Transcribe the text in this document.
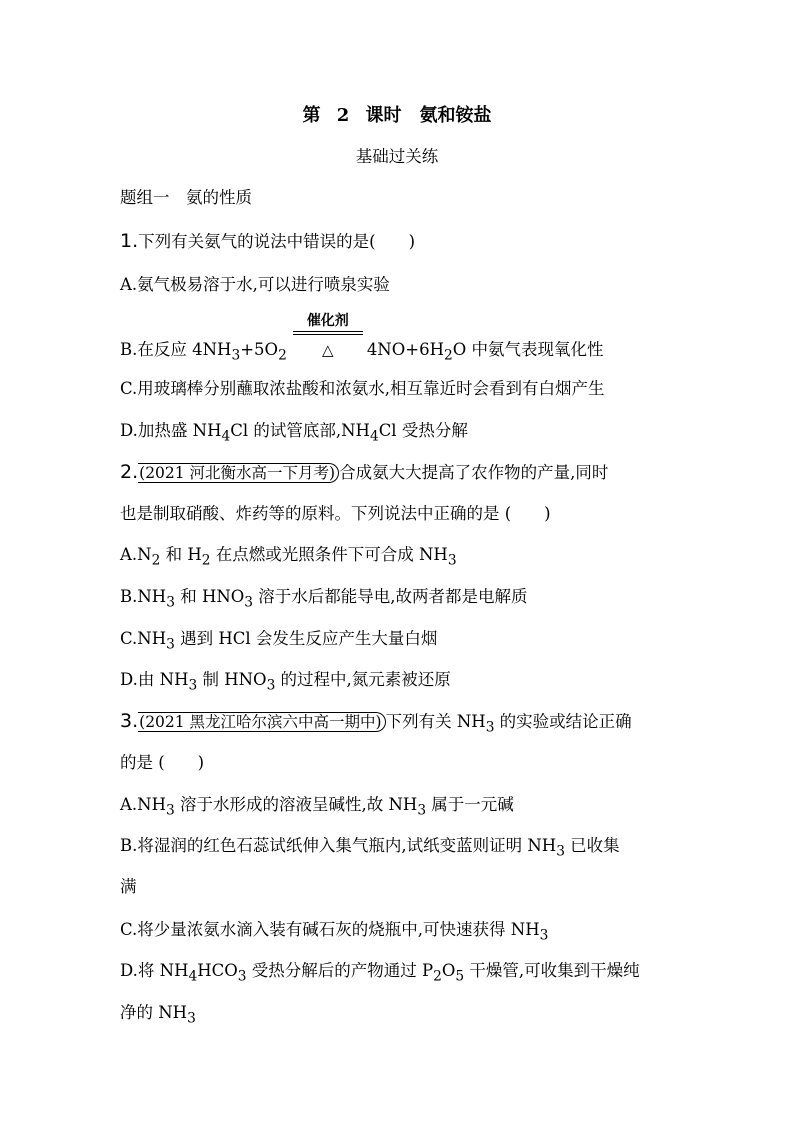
第 2 课时　氨和铵盐

基础过关练

题组一　氨的性质

1.下列有关氨气的说法中错误的是(　　)

A.氨气极易溶于水,可以进行喷泉实验

B.在反应 $4NH_3+5O_2$
催化剂
△	$4NO+6H_2O$ 中氨气表现氧化性

C.用玻璃棒分别蘸取浓盐酸和浓氨水,相互靠近时会看到有白烟产生

D.加热盛 $NH_4Cl$ 的试管底部$,NH_4Cl$ 受热分解

2.(2021 河北衡水高一下月考) 合成氨大大提高了农作物的产量,同时

也是制取硝酸、炸药等的原料。下列说法中正确的是 (　　)

$A.N_2$ 和 $H_2$ 在点燃或光照条件下可合成 $NH_3$

$B.NH_3$ 和 $HNO_3$ 溶于水后都能导电,故两者都是电解质

$C.NH_3$ 遇到 HCl 会发生反应产生大量白烟

D.由 $NH_3$ 制 $HNO_3$ 的过程中,氮元素被还原

3.(2021 黑龙江哈尔滨六中高一期中) 下列有关 $NH_3$ 的实验或结论正确

的是 (　　)

$A.NH_3$ 溶于水形成的溶液呈碱性,故 $NH_3$ 属于一元碱

B.将湿润的红色石蕊试纸伸入集气瓶内,试纸变蓝则证明 $NH_3$ 已收集

满

C.将少量浓氨水滴入装有碱石灰的烧瓶中,可快速获得 $NH_3$

D.将 $NH_4HCO_3$ 受热分解后的产物通过 $P_2O_5$ 干燥管,可收集到干燥纯

净的 $NH_3$
